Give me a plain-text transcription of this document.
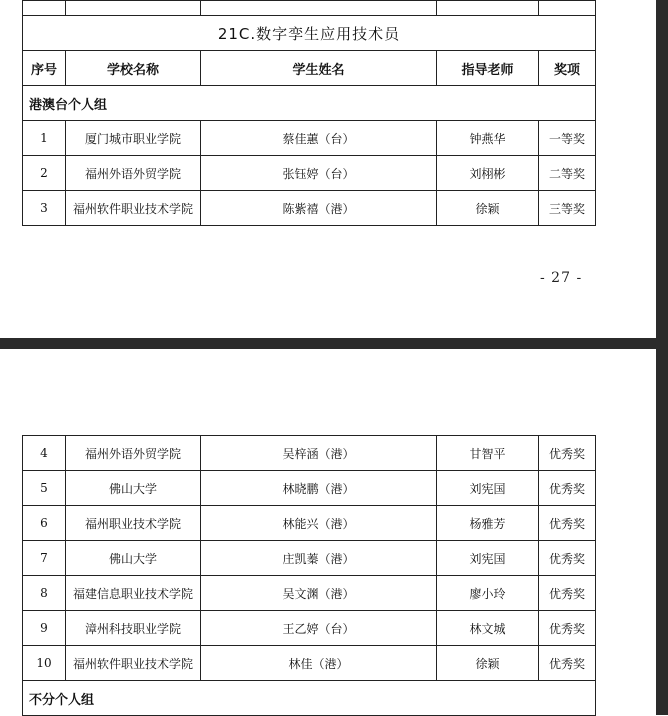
21C.数字孪生应用技术员				
序号	学校名称	学生姓名	指导老师	奖项
港澳台个人组				
1	厦门城市职业学院	蔡佳蕙（台）	钟燕华	一等奖
2	福州外语外贸学院	张钰婷（台）	刘栩彬	二等奖
3	福州软件职业技术学院	陈紫禧（港）	徐颖	三等奖
- 27 -
4	福州外语外贸学院	吴梓涵（港）	甘智平	优秀奖
5	佛山大学	林晓鹏（港）	刘宪国	优秀奖
6	福州职业技术学院	林能兴（港）	杨雅芳	优秀奖
7	佛山大学	庄凯蓁（港）	刘宪国	优秀奖
8	福建信息职业技术学院	吴文渊（港）	廖小玲	优秀奖
9	漳州科技职业学院	王乙婷（台）	林文城	优秀奖
10	福州软件职业技术学院	林佳（港）	徐颖	优秀奖
不分个人组				
